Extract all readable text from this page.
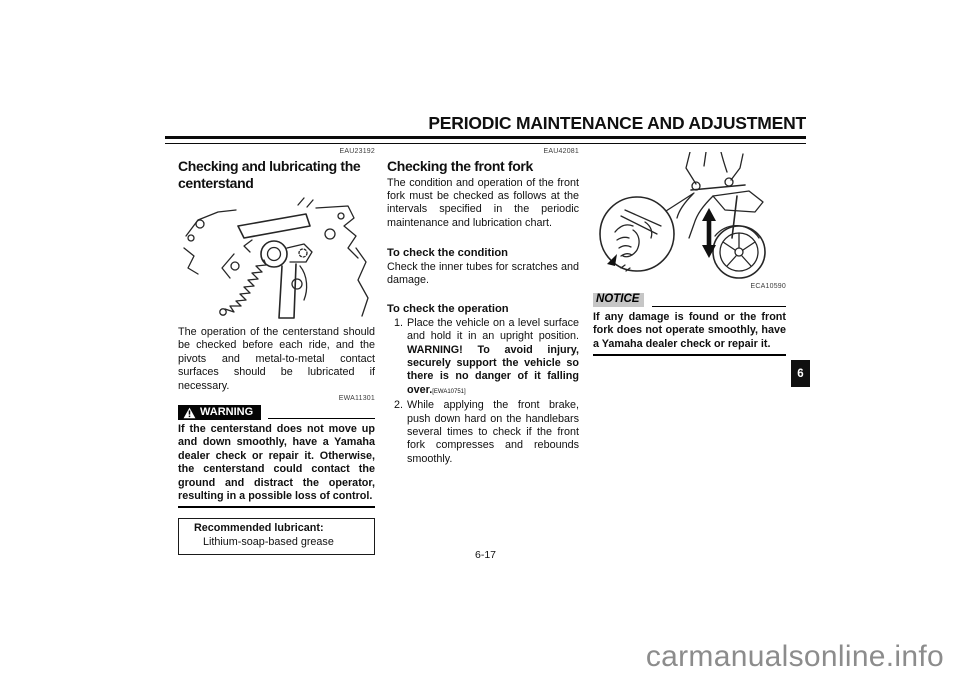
PERIODIC MAINTENANCE AND ADJUSTMENT
EAU23192
Checking and lubricating the centerstand

The operation of the centerstand should be checked before each ride, and the pivots and metal-to-metal contact surfaces should be lubricated if necessary.

EWA11301
WARNING

If the centerstand does not move up and down smoothly, have a Yamaha dealer check or repair it. Otherwise, the centerstand could contact the ground and distract the operator, resulting in a possible loss of control.

Recommended lubricant:
Lithium-soap-based grease
EAU42081
Checking the front fork

The condition and operation of the front fork must be checked as follows at the intervals specified in the periodic maintenance and lubrication chart.

To check the condition

Check the inner tubes for scratches and damage.

To check the operation
1. Place the vehicle on a level surface and hold it in an upright position. WARNING! To avoid injury, securely support the vehicle so there is no danger of it falling over.[EWA10751]
2. While applying the front brake, push down hard on the handlebars several times to check if the front fork compresses and rebounds smoothly.
ECA10590
NOTICE

If any damage is found or the front fork does not operate smoothly, have a Yamaha dealer check or repair it.

6
6-17
carmanualsonline.info
